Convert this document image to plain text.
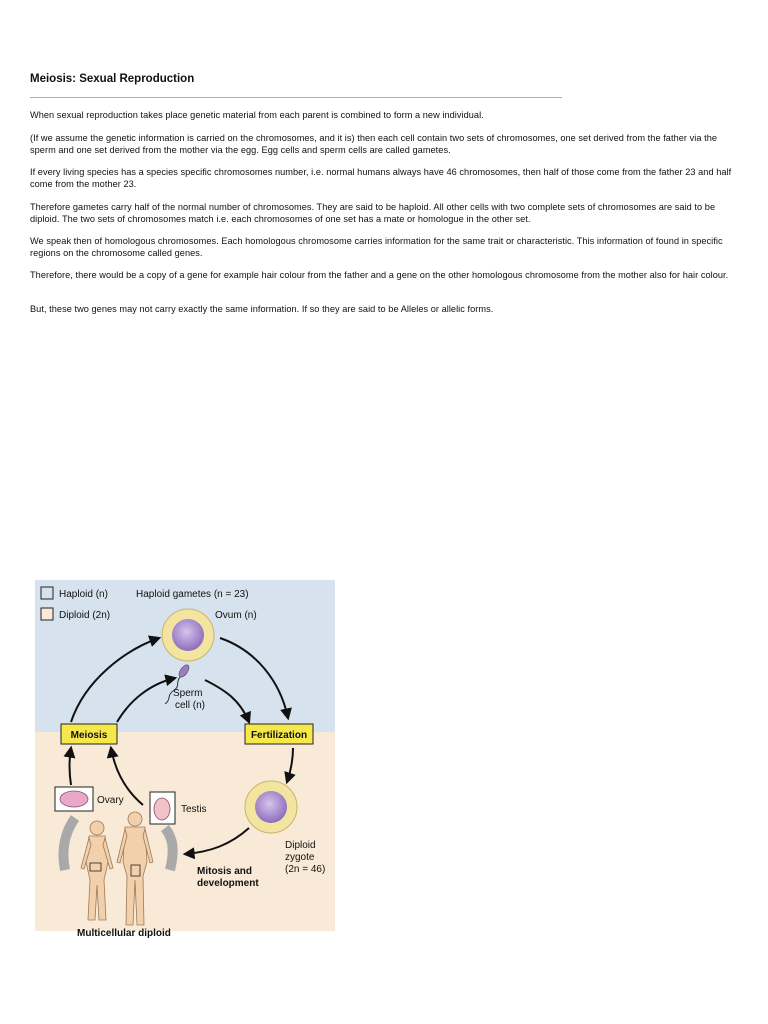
Meiosis: Sexual Reproduction

When sexual reproduction takes place genetic material from each parent is combined to form a new individual.

(If we assume the genetic information is carried on the chromosomes, and it is) then each cell contain two sets of chromosomes, one set derived from the father via the sperm and one set derived from the mother via the egg. Egg cells and sperm cells are called gametes.

If every living species has a species specific chromosomes number, i.e. normal humans always have 46 chromosomes, then half of those come from the father 23 and half come from the mother 23.

Therefore gametes carry half of the normal number of chromosomes. They are said to be haploid. All other cells with two complete sets of chromosomes are said to be diploid. The two sets of chromosomes match i.e. each chromosomes of one set has a mate or homologue in the other set.

We speak then of homologous chromosomes. Each homologous chromosome carries information for the same trait or characteristic. This information of found in specific regions on the chromosome called genes.

Therefore, there would be a copy of a gene for example hair colour from the father and a gene on the other homologous chromosome from the mother also for hair colour.

But, these two genes may not carry exactly the same information. If so they are said to be Alleles or allelic forms.

Haploid (n)
Diploid (2n)
Haploid gametes (n = 23)
Ovum (n)
Sperm
cell (n)
Diploid
zygote
(2n = 46)
Meiosis	Fertilization
Ovary
Testis
Mitosis and
development
Multicellular diploid
